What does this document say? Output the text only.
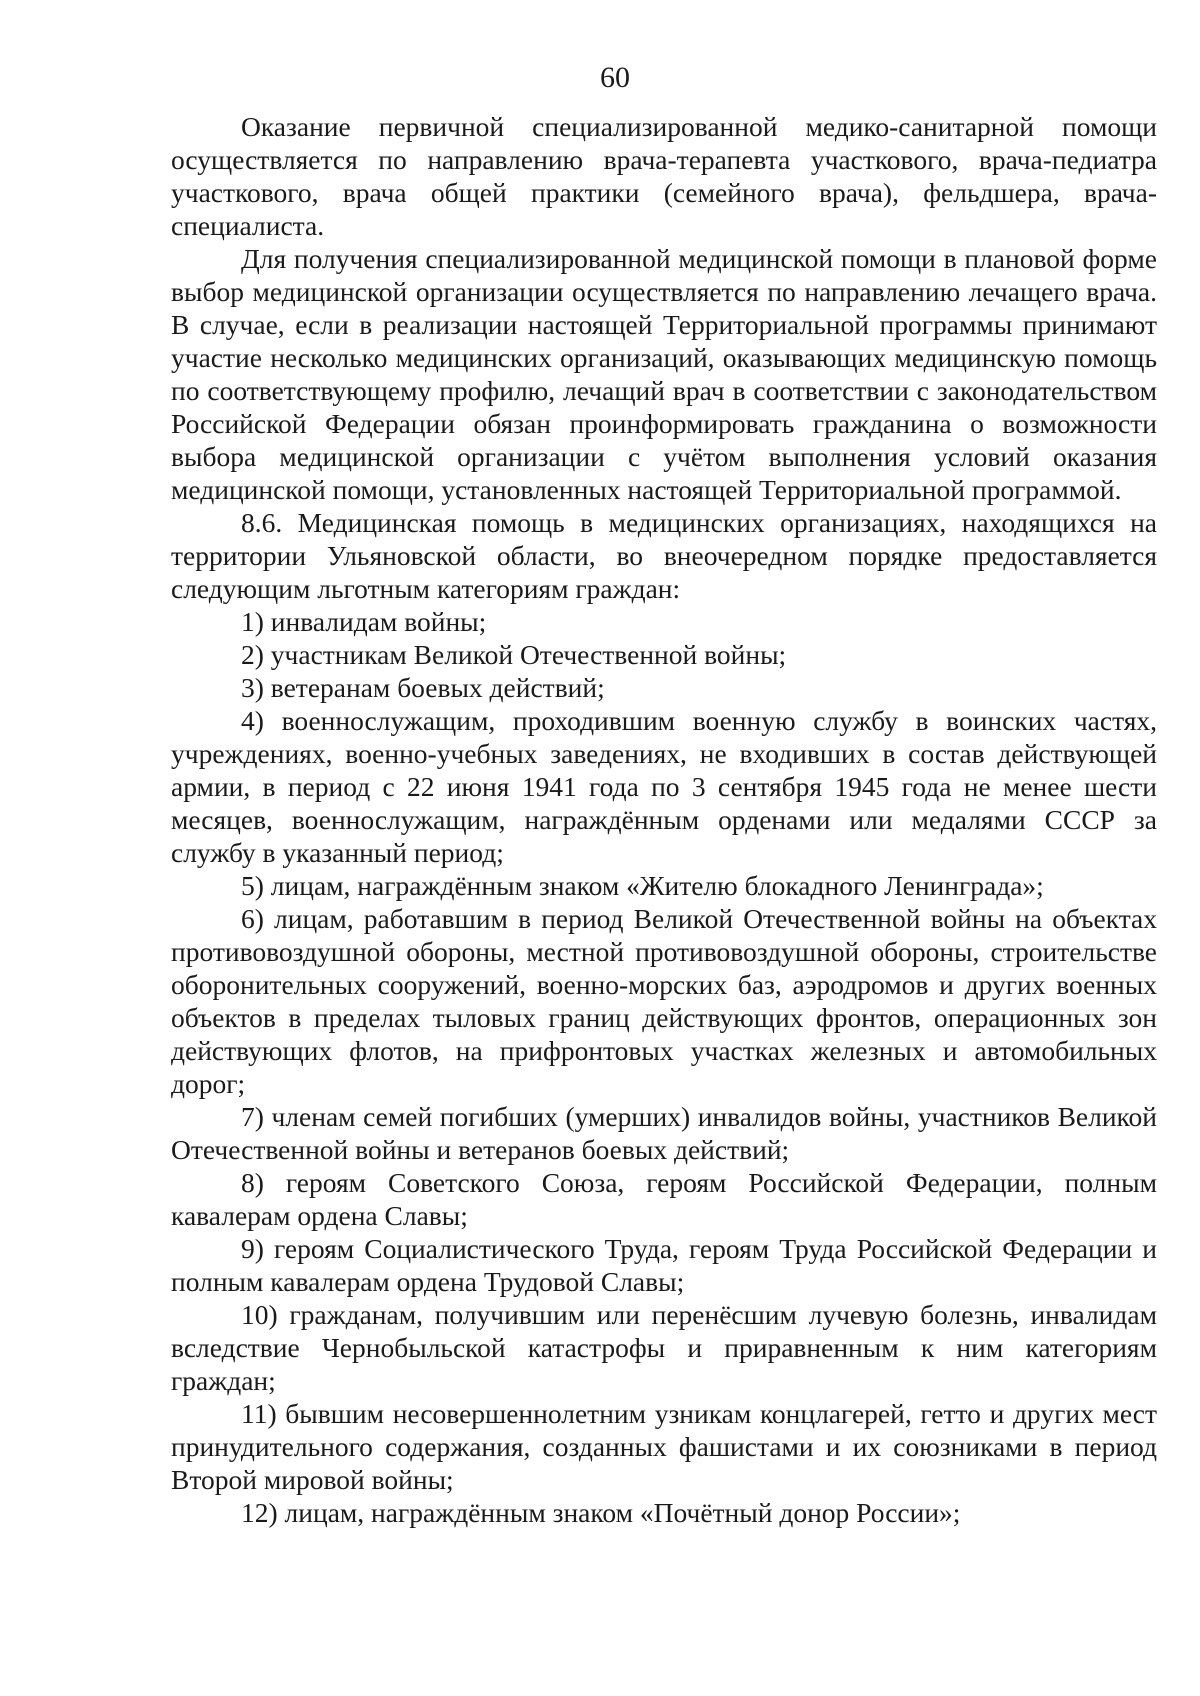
60

Оказание первичной специализированной медико-санитарной помощи осуществляется по направлению врача-терапевта участкового, врача-педиатра участкового, врача общей практики (семейного врача), фельдшера, врача-специалиста.

Для получения специализированной медицинской помощи в плановой форме выбор медицинской организации осуществляется по направлению лечащего врача. В случае, если в реализации настоящей Территориальной программы принимают участие несколько медицинских организаций, оказывающих медицинскую помощь по соответствующему профилю, лечащий врач в соответствии с законодательством Российской Федерации обязан проинформировать гражданина о возможности выбора медицинской организации с учётом выполнения условий оказания медицинской помощи, установленных настоящей Территориальной программой.

8.6. Медицинская помощь в медицинских организациях, находящихся на территории Ульяновской области, во внеочередном порядке предоставляется следующим льготным категориям граждан:

1) инвалидам войны;

2) участникам Великой Отечественной войны;

3) ветеранам боевых действий;

4) военнослужащим, проходившим военную службу в воинских частях, учреждениях, военно-учебных заведениях, не входивших в состав действующей армии, в период с 22 июня 1941 года по 3 сентября 1945 года не менее шести месяцев, военнослужащим, награждённым орденами или медалями СССР за службу в указанный период;

5) лицам, награждённым знаком «Жителю блокадного Ленинграда»;

6) лицам, работавшим в период Великой Отечественной войны на объектах противовоздушной обороны, местной противовоздушной обороны, строительстве оборонительных сооружений, военно-морских баз, аэродромов и других военных объектов в пределах тыловых границ действующих фронтов, операционных зон действующих флотов, на прифронтовых участках железных и автомобильных дорог;

7) членам семей погибших (умерших) инвалидов войны, участников Великой Отечественной войны и ветеранов боевых действий;

8) героям Советского Союза, героям Российской Федерации, полным кавалерам ордена Славы;

9) героям Социалистического Труда, героям Труда Российской Федерации и полным кавалерам ордена Трудовой Славы;

10) гражданам, получившим или перенёсшим лучевую болезнь, инвалидам вследствие Чернобыльской катастрофы и приравненным к ним категориям граждан;

11) бывшим несовершеннолетним узникам концлагерей, гетто и других мест принудительного содержания, созданных фашистами и их союзниками в период Второй мировой войны;

12) лицам, награждённым знаком «Почётный донор России»;
